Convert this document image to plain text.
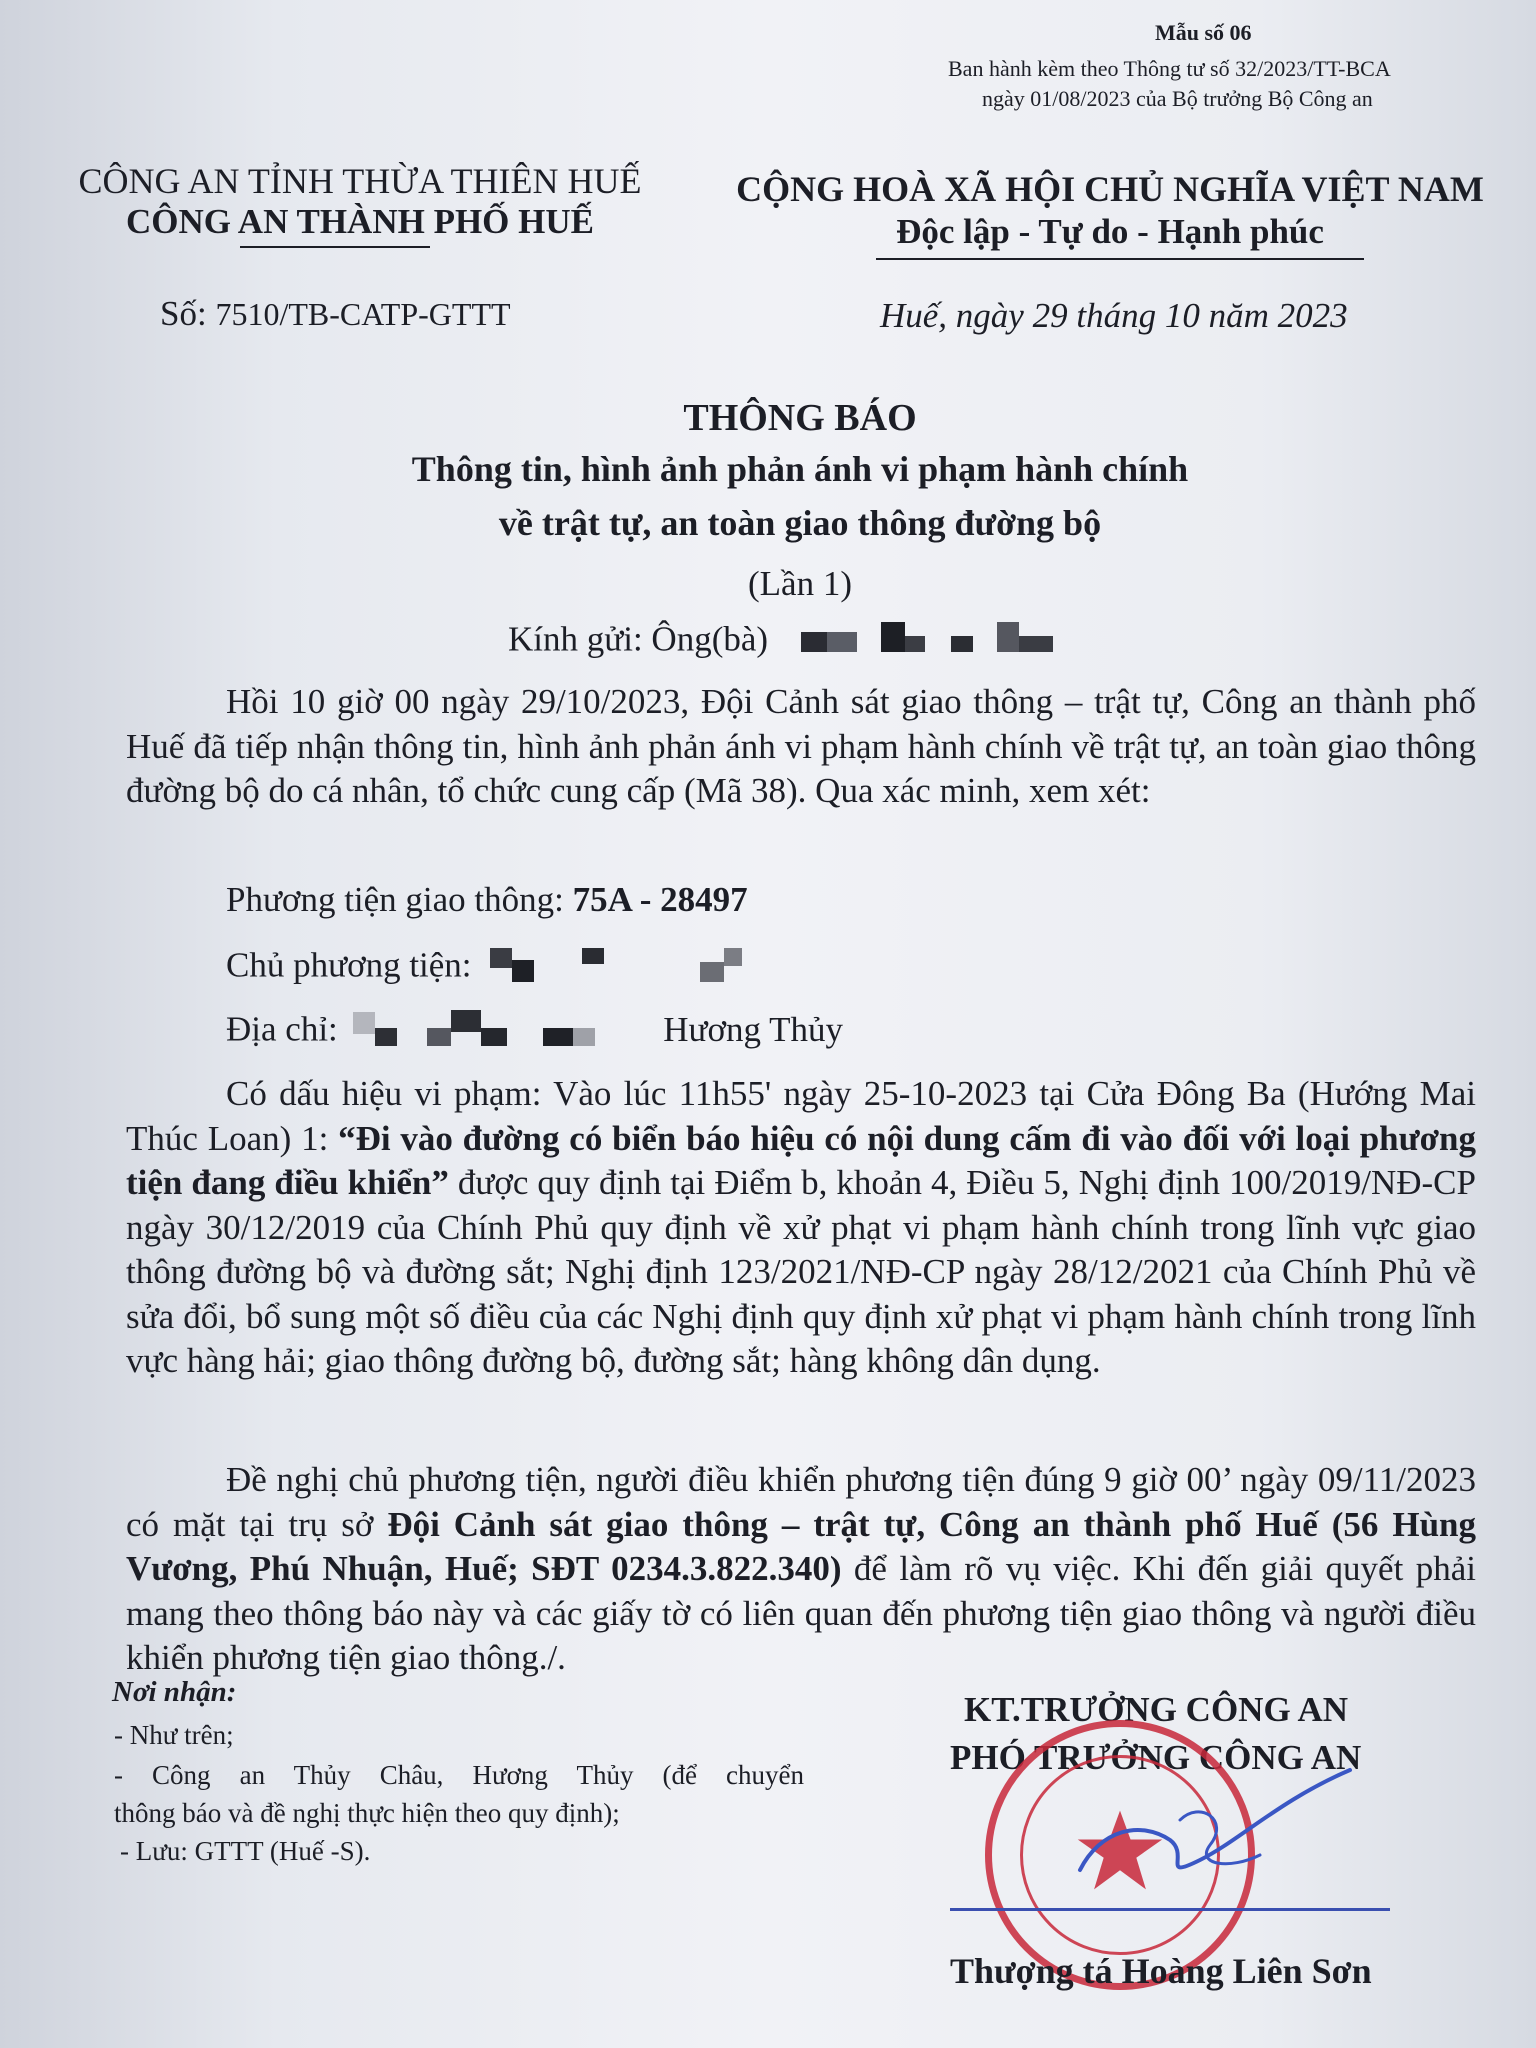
Mẫu số 06
Ban hành kèm theo Thông tư số 32/2023/TT-BCA
ngày 01/08/2023 của Bộ trưởng Bộ Công an
CÔNG AN TỈNH THỪA THIÊN HUẾ
CÔNG AN THÀNH PHỐ HUẾ
CỘNG HOÀ XÃ HỘI CHỦ NGHĨA VIỆT NAM
Độc lập - Tự do - Hạnh phúc
Số: 7510/TB-CATP-GTTT	Huế, ngày 29 tháng 10 năm 2023
THÔNG BÁO
Thông tin, hình ảnh phản ánh vi phạm hành chính
về trật tự, an toàn giao thông đường bộ
(Lần 1)
Kính gửi: Ông(bà)
Hồi 10 giờ 00 ngày 29/10/2023, Đội Cảnh sát giao thông – trật tự, Công an thành phố Huế đã tiếp nhận thông tin, hình ảnh phản ánh vi phạm hành chính về trật tự, an toàn giao thông đường bộ do cá nhân, tổ chức cung cấp (Mã 38). Qua xác minh, xem xét:
Phương tiện giao thông: 75A - 28497
Chủ phương tiện:
Địa chỉ:	Hương Thủy
Có dấu hiệu vi phạm: Vào lúc 11h55' ngày 25-10-2023 tại Cửa Đông Ba (Hướng Mai Thúc Loan) 1: “Đi vào đường có biển báo hiệu có nội dung cấm đi vào đối với loại phương tiện đang điều khiển” được quy định tại Điểm b, khoản 4, Điều 5, Nghị định 100/2019/NĐ-CP ngày 30/12/2019 của Chính Phủ quy định về xử phạt vi phạm hành chính trong lĩnh vực giao thông đường bộ và đường sắt; Nghị định 123/2021/NĐ-CP ngày 28/12/2021 của Chính Phủ về sửa đổi, bổ sung một số điều của các Nghị định quy định xử phạt vi phạm hành chính trong lĩnh vực hàng hải; giao thông đường bộ, đường sắt; hàng không dân dụng.
Đề nghị chủ phương tiện, người điều khiển phương tiện đúng 9 giờ 00’ ngày 09/11/2023 có mặt tại trụ sở Đội Cảnh sát giao thông – trật tự, Công an thành phố Huế (56 Hùng Vương, Phú Nhuận, Huế; SĐT 0234.3.822.340) để làm rõ vụ việc. Khi đến giải quyết phải mang theo thông báo này và các giấy tờ có liên quan đến phương tiện giao thông và người điều khiển phương tiện giao thông./.
Nơi nhận:
- Như trên;
- Công an Thủy Châu, Hương Thủy (để chuyển
thông báo và đề nghị thực hiện theo quy định);
- Lưu: GTTT (Huế -S).
KT.TRƯỞNG CÔNG AN
PHÓ TRƯỞNG CÔNG AN
Thượng tá Hoàng Liên Sơn
